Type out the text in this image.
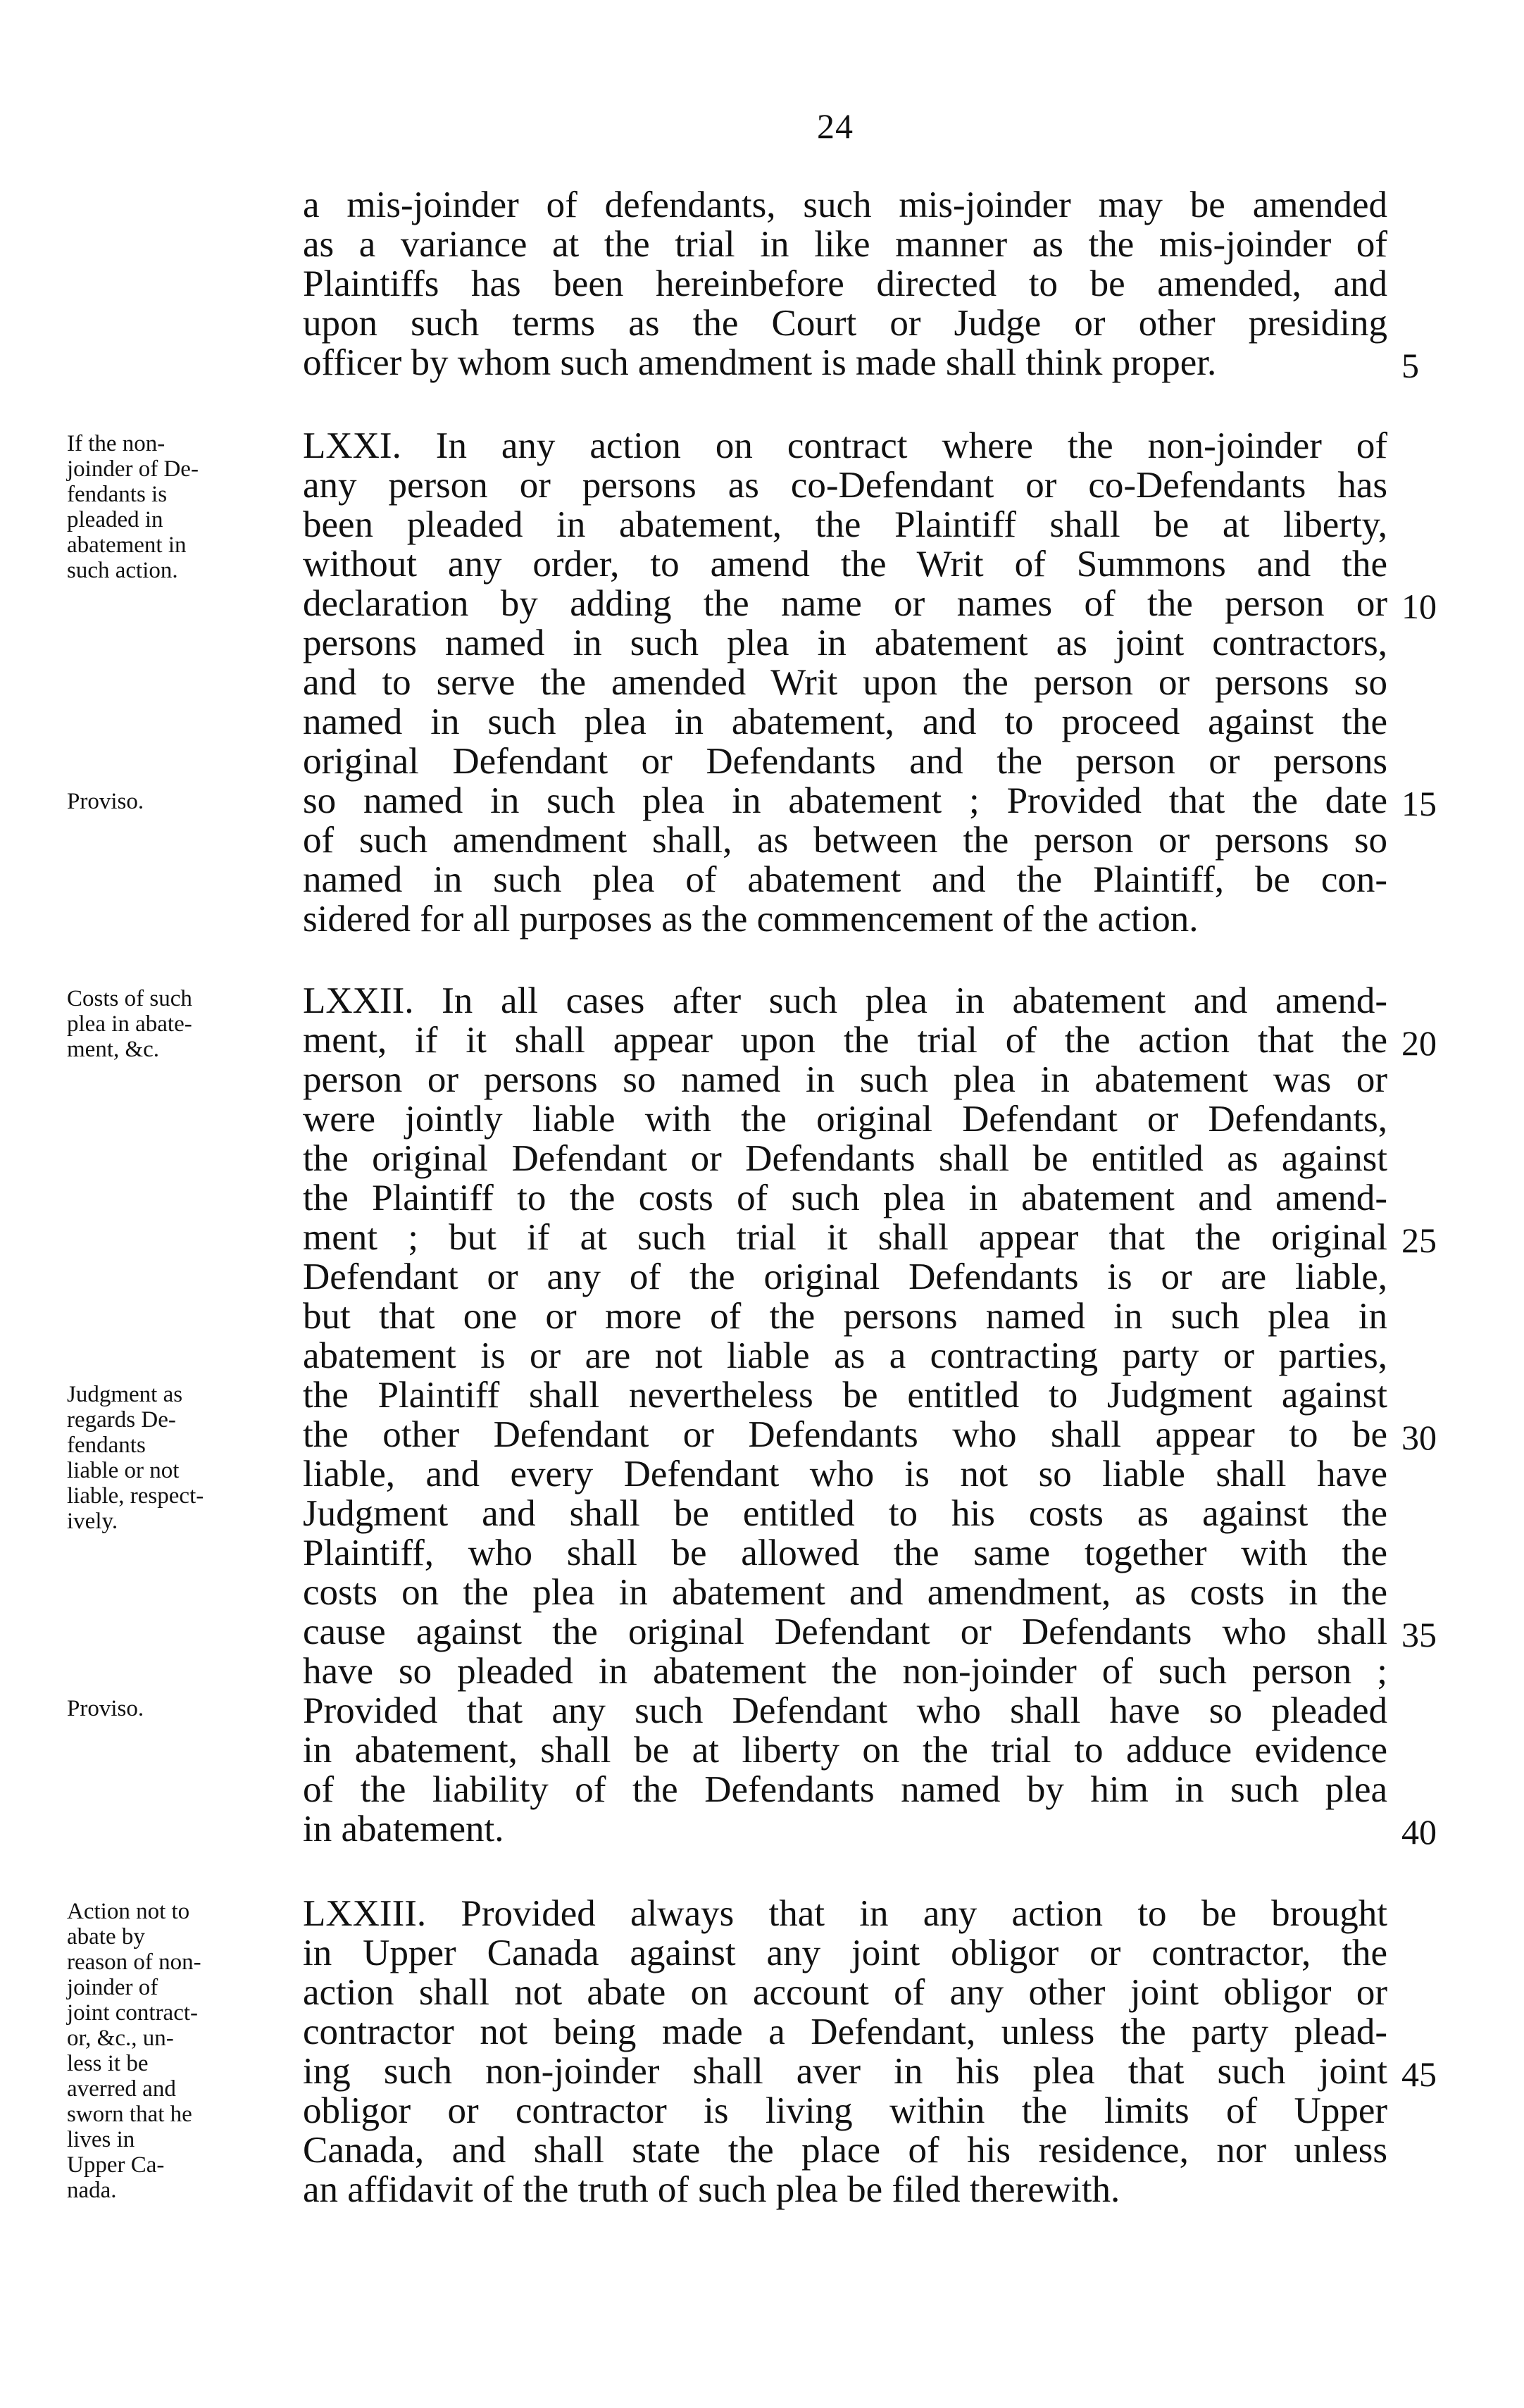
24
a mis-joinder of defendants, such mis-joinder may be amended
as a variance at the trial in like manner as the mis-joinder of
Plaintiffs has been hereinbefore directed to be amended, and
upon such terms as the Court or Judge or other presiding
officer by whom such amendment is made shall think proper.	5
LXXI. In any action on contract where the non-joinder of
any person or persons as co-Defendant or co-Defendants has
been pleaded in abatement, the Plaintiff shall be at liberty,
without any order, to amend the Writ of Summons and the
declaration by adding the name or names of the person or 10
persons named in such plea in abatement as joint contractors,
and to serve the amended Writ upon the person or persons so
named in such plea in abatement, and to proceed against the
original Defendant or Defendants and the person or persons
so named in such plea in abatement ; Provided that the date 15
of such amendment shall, as between the person or persons so
named in such plea of abatement and the Plaintiff, be con-
sidered for all purposes as the commencement of the action.
LXXII. In all cases after such plea in abatement and amend-
ment, if it shall appear upon the trial of the action that the 20
person or persons so named in such plea in abatement was or
were jointly liable with the original Defendant or Defendants,
the original Defendant or Defendants shall be entitled as against
the Plaintiff to the costs of such plea in abatement and amend-
ment ; but if at such trial it shall appear that the original 25
Defendant or any of the original Defendants is or are liable,
but that one or more of the persons named in such plea in
abatement is or are not liable as a contracting party or parties,
the Plaintiff shall nevertheless be entitled to Judgment against
the other Defendant or Defendants who shall appear to be 30
liable, and every Defendant who is not so liable shall have
Judgment and shall be entitled to his costs as against the
Plaintiff, who shall be allowed the same together with the
costs on the plea in abatement and amendment, as costs in the
cause against the original Defendant or Defendants who shall 35
have so pleaded in abatement the non-joinder of such person ;
Provided that any such Defendant who shall have so pleaded
in abatement, shall be at liberty on the trial to adduce evidence
of the liability of the Defendants named by him in such plea
in abatement.	40
LXXIII. Provided always that in any action to be brought
in Upper Canada against any joint obligor or contractor, the
action shall not abate on account of any other joint obligor or
contractor not being made a Defendant, unless the party plead-
ing such non-joinder shall aver in his plea that such joint 45
obligor or contractor is living within the limits of Upper
Canada, and shall state the place of his residence, nor unless
an affidavit of the truth of such plea be filed therewith.
If the non-
joinder of De-
fendants is
pleaded in
abatement in
such action.
Proviso.
Costs of such
plea in abate-
ment, &c.
Judgment as
regards De-
fendants
liable or not
liable, respect-
ively.
Proviso.
Action not to
abate by
reason of non-
joinder of
joint contract-
or, &c., un-
less it be
averred and
sworn that he
lives in
Upper Ca-
nada.
